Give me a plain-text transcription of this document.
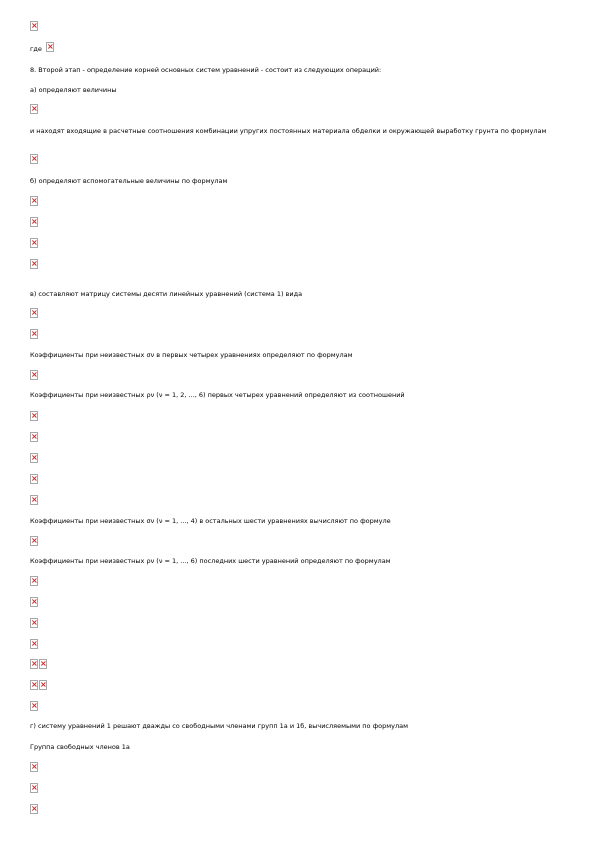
×
где
×
8. Второй этап - определение корней основных систем уравнений - состоит из следующих операций:
а) определяют величины
×
и находят входящие в расчетные соотношения комбинации упругих постоянных материала обделки и окружающей выработку грунта по формулам
×
б) определяют вспомогательные величины по формулам
×
×
×
×
в) составляют матрицу системы десяти линейных уравнений (система 1) вида
×
×
Коэффициенты при неизвестных σν в первых четырех уравнениях определяют по формулам
×
Коэффициенты при неизвестных ρν (ν = 1, 2, ..., 6) первых четырех уравнений определяют из соотношений
×
×
×
×
×
Коэффициенты при неизвестных σν (ν = 1, ..., 4) в остальных шести уравнениях вычисляют по формуле
×
Коэффициенты при неизвестных ρν (ν = 1, ..., 6) последних шести уравнений определяют по формулам
×
×
×
×
×
×
×
×
×
г) систему уравнений 1 решают дважды со свободными членами групп 1а и 1б, вычисляемыми по формулам
Группа свободных членов 1а
×
×
×
